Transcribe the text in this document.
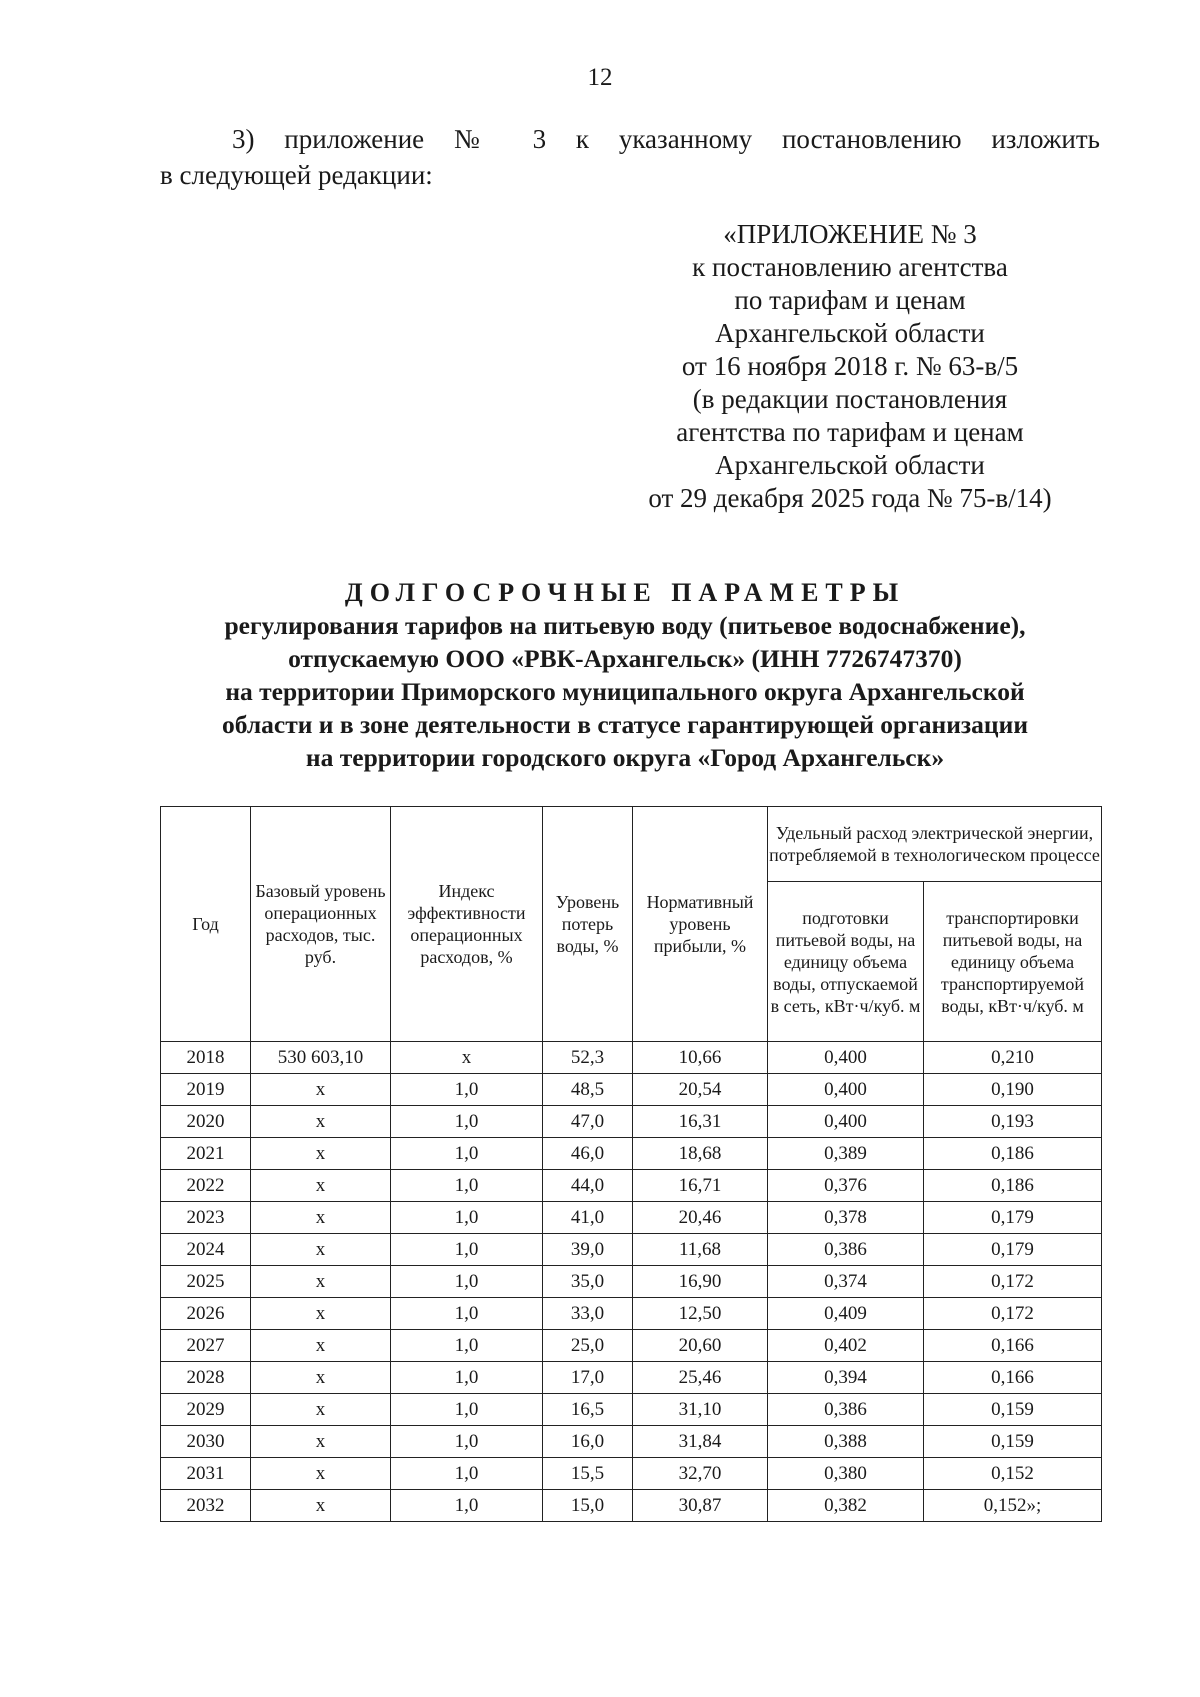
12

3) приложение № 3 к указанному постановлению изложить

в следующей редакции:

«ПРИЛОЖЕНИЕ № 3
к постановлению агентства
по тарифам и ценам
Архангельской области
от 16 ноября 2018 г. № 63-в/5
(в редакции постановления
агентства по тарифам и ценам
Архангельской области
от 29 декабря 2025 года № 75-в/14)
ДОЛГОСРОЧНЫЕ ПАРАМЕТРЫ
регулирования тарифов на питьевую воду (питьевое водоснабжение),
отпускаемую ООО «РВК-Архангельск» (ИНН 7726747370)
на территории Приморского муниципального округа Архангельской
области и в зоне деятельности в статусе гарантирующей организации
на территории городского округа «Город Архангельск»
Год	Базовый уровень операционных расходов, тыс. руб.	Индекс эффективности операционных расходов, %	Уровень потерь воды, %	Нормативный уровень прибыли, %	Удельный расход электрической энергии, потребляемой в технологическом процессе	
					подготовки питьевой воды, на единицу объема воды, отпускаемой в сеть, кВт·ч/куб. м	транспортировки питьевой воды, на единицу объема транспортируемой воды, кВт·ч/куб. м
2018	530 603,10	х	52,3	10,66	0,400	0,210
2019	х	1,0	48,5	20,54	0,400	0,190
2020	х	1,0	47,0	16,31	0,400	0,193
2021	х	1,0	46,0	18,68	0,389	0,186
2022	х	1,0	44,0	16,71	0,376	0,186
2023	х	1,0	41,0	20,46	0,378	0,179
2024	х	1,0	39,0	11,68	0,386	0,179
2025	х	1,0	35,0	16,90	0,374	0,172
2026	х	1,0	33,0	12,50	0,409	0,172
2027	х	1,0	25,0	20,60	0,402	0,166
2028	х	1,0	17,0	25,46	0,394	0,166
2029	х	1,0	16,5	31,10	0,386	0,159
2030	х	1,0	16,0	31,84	0,388	0,159
2031	х	1,0	15,5	32,70	0,380	0,152
2032	х	1,0	15,0	30,87	0,382	0,152»;
